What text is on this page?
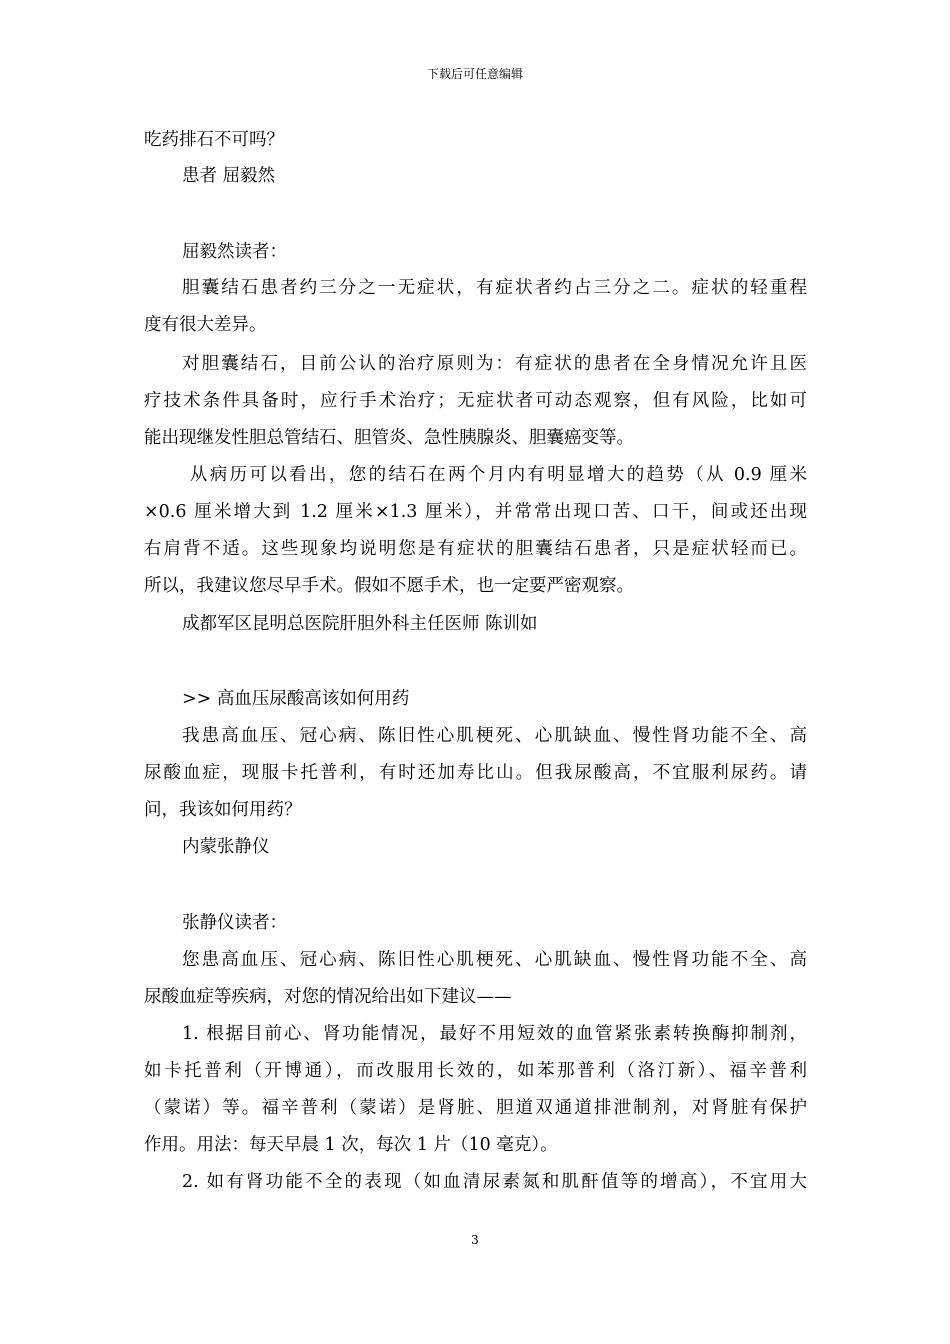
下载后可任意编辑
吃药排石不可吗？
患者 屈毅然
屈毅然读者：
胆囊结石患者约三分之一无症状，有症状者约占三分之二。症状的轻重程
度有很大差异。
对胆囊结石，目前公认的治疗原则为：有症状的患者在全身情况允许且医
疗技术条件具备时，应行手术治疗；无症状者可动态观察，但有风险，比如可
能出现继发性胆总管结石、胆管炎、急性胰腺炎、胆囊癌变等。
从病历可以看出，您的结石在两个月内有明显增大的趋势（从 0.9 厘米
×0.6 厘米增大到 1.2 厘米×1.3 厘米），并常常出现口苦、口干，间或还出现
右肩背不适。这些现象均说明您是有症状的胆囊结石患者，只是症状轻而已。
所以，我建议您尽早手术。假如不愿手术，也一定要严密观察。
成都军区昆明总医院肝胆外科主任医师 陈训如
>> 高血压尿酸高该如何用药
我患高血压、冠心病、陈旧性心肌梗死、心肌缺血、慢性肾功能不全、高
尿酸血症，现服卡托普利，有时还加寿比山。但我尿酸高，不宜服利尿药。请
问，我该如何用药？
内蒙张静仪
张静仪读者：
您患高血压、冠心病、陈旧性心肌梗死、心肌缺血、慢性肾功能不全、高
尿酸血症等疾病，对您的情况给出如下建议——
1. 根据目前心、肾功能情况，最好不用短效的血管紧张素转换酶抑制剂，
如卡托普利（开博通），而改服用长效的，如苯那普利（洛汀新）、福辛普利
（蒙诺）等。福辛普利（蒙诺）是肾脏、胆道双通道排泄制剂，对肾脏有保护
作用。用法：每天早晨 1 次，每次 1 片（10 毫克）。
2. 如有肾功能不全的表现（如血清尿素氮和肌酐值等的增高），不宜用大
3
